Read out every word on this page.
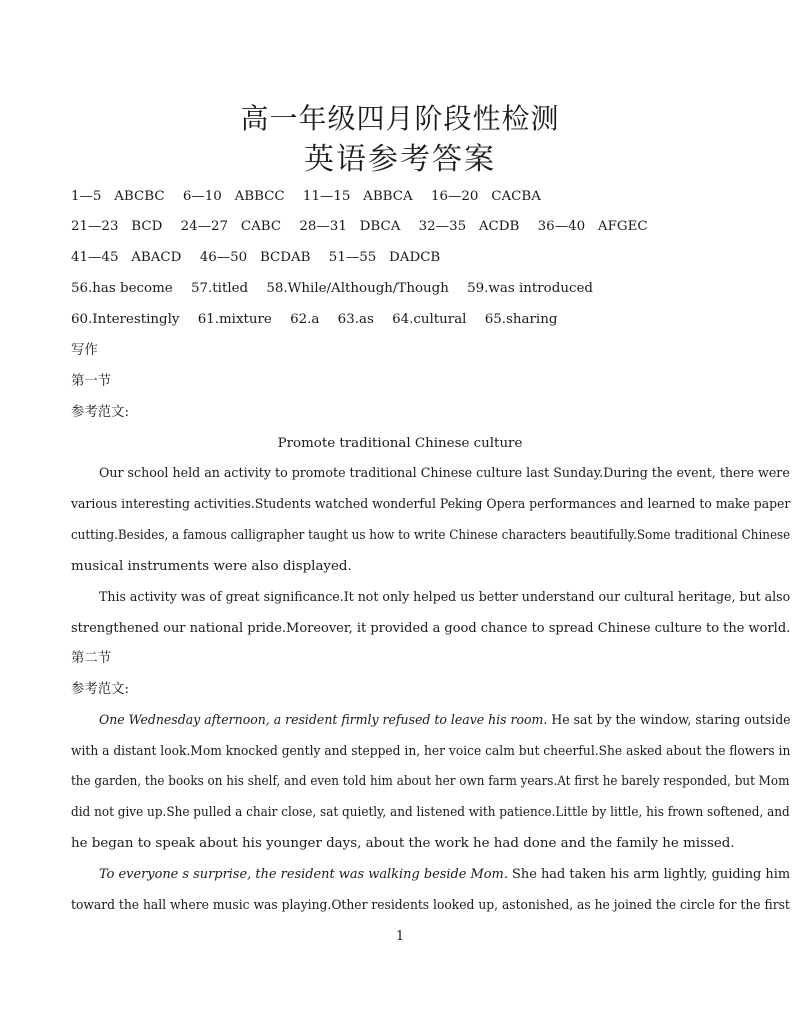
高一年级四月阶段性检测
英语参考答案
1—5 ABCBC 6—10 ABBCC 11—15 ABBCA 16—20 CACBA
21—23 BCD 24—27 CABC 28—31 DBCA 32—35 ACDB 36—40 AFGEC
41—45 ABACD 46—50 BCDAB 51—55 DADCB
56.has become 57.titled 58.While/Although/Though 59.was introduced
60.Interestingly 61.mixture 62.a 63.as 64.cultural 65.sharing
写作
第一节
参考范文:
Promote traditional Chinese culture
Our school held an activity to promote traditional Chinese culture last Sunday.During the event, there were
various interesting activities.Students watched wonderful Peking Opera performances and learned to make paper
cutting.Besides, a famous calligrapher taught us how to write Chinese characters beautifully.Some traditional Chinese
musical instruments were also displayed.
This activity was of great significance.It not only helped us better understand our cultural heritage, but also
strengthened our national pride.Moreover, it provided a good chance to spread Chinese culture to the world.
第二节
参考范文:
One Wednesday afternoon, a resident firmly refused to leave his room. He sat by the window, staring outside
with a distant look.Mom knocked gently and stepped in, her voice calm but cheerful.She asked about the flowers in
the garden, the books on his shelf, and even told him about her own farm years.At first he barely responded, but Mom
did not give up.She pulled a chair close, sat quietly, and listened with patience.Little by little, his frown softened, and
he began to speak about his younger days, about the work he had done and the family he missed.
To everyone s surprise, the resident was walking beside Mom. She had taken his arm lightly, guiding him
toward the hall where music was playing.Other residents looked up, astonished, as he joined the circle for the first
1
